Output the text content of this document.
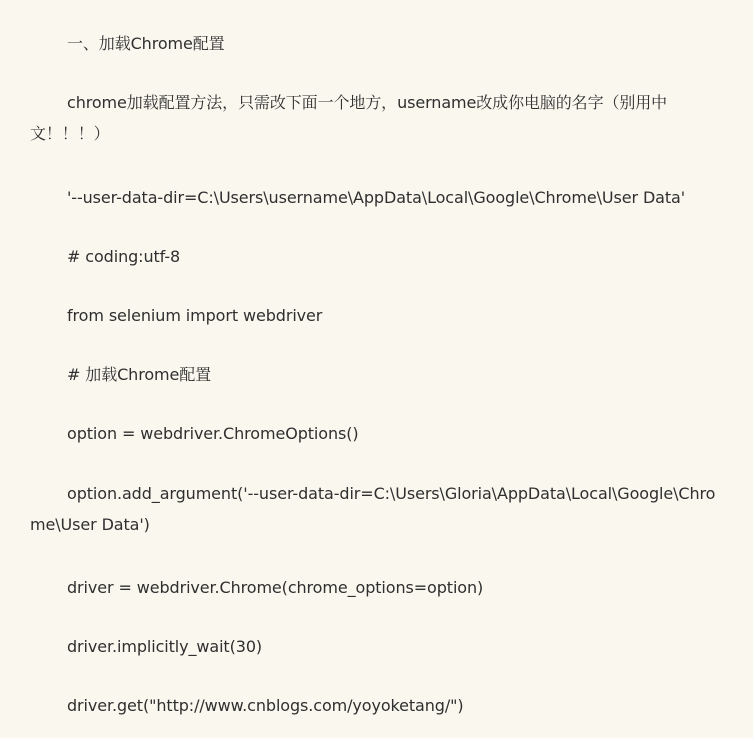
一、加载Chrome配置

chrome加载配置方法，只需改下面一个地方，username改成你电脑的名字（别用中文！！！）

'--user-data-dir=C:\Users\username\AppData\Local\Google\Chrome\User Data'

# coding:utf-8

from selenium import webdriver

# 加载Chrome配置

option = webdriver.ChromeOptions()

option.add_argument('--user-data-dir=C:\Users\Gloria\AppData\Local\Google\Chrome\User Data')

driver = webdriver.Chrome(chrome_options=option)

driver.implicitly_wait(30)

driver.get("http://www.cnblogs.com/yoyoketang/")
